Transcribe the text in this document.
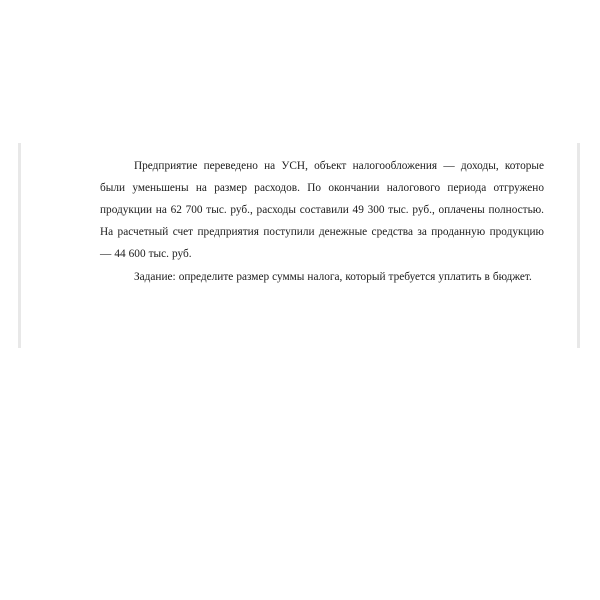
Предприятие переведено на УСН, объект налогообложения — доходы, которые были уменьшены на размер расходов. По окончании налогового периода отгружено продукции на 62 700 тыс. руб., расходы составили 49 300 тыс. руб., оплачены полностью. На расчетный счет предприятия поступили денежные средства за проданную продукцию — 44 600 тыс. руб.

Задание: определите размер суммы налога, который требуется уплатить в бюджет.
